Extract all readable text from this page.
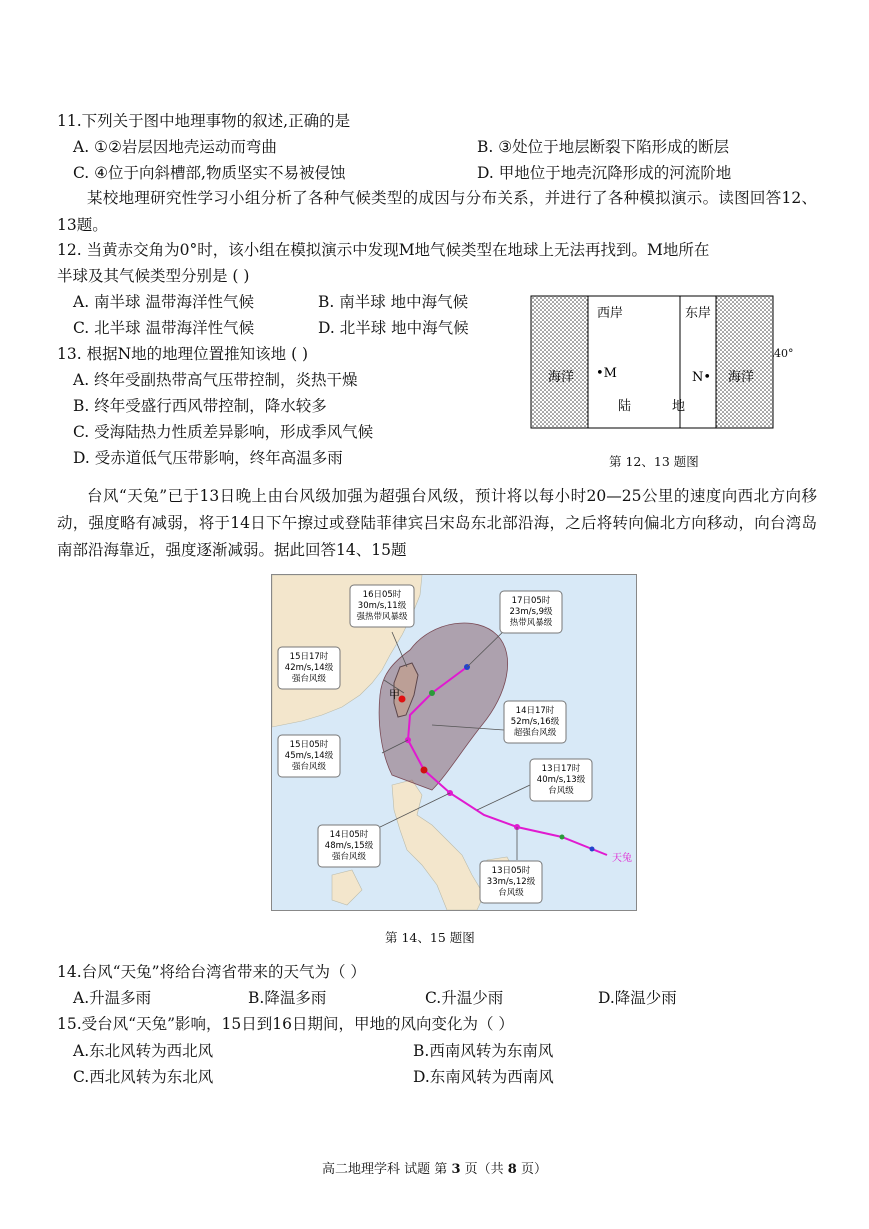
11.下列关于图中地理事物的叙述,正确的是
A. ①②岩层因地壳运动而弯曲	B. ③处位于地层断裂下陷形成的断层
C. ④位于向斜槽部,物质坚实不易被侵蚀	D. 甲地位于地壳沉降形成的河流阶地
某校地理研究性学习小组分析了各种气候类型的成因与分布关系，并进行了各种模拟演示。读图回答12、13题。
12. 当黄赤交角为0°时，该小组在模拟演示中发现M地气候类型在地球上无法再找到。M地所在
半球及其气候类型分别是 ( )
A. 南半球 温带海洋性气候	B. 南半球 地中海气候
C. 北半球 温带海洋性气候	D. 北半球 地中海气候
13. 根据N地的地理位置推知该地 ( )
A. 终年受副热带高气压带控制，炎热干燥
B. 终年受盛行西风带控制，降水较多
C. 受海陆热力性质差异影响，形成季风气候
D. 受赤道低气压带影响，终年高温多雨
西岸	东岸
海洋	海洋
•M	N•
陆	地
40°
第 12、13 题图
台风“天兔”已于13日晚上由台风级加强为超强台风级，预计将以每小时20—25公里的速度向西北方向移动，强度略有减弱，将于14日下午擦过或登陆菲律宾吕宋岛东北部沿海，之后将转向偏北方向移动，向台湾岛南部沿海靠近，强度逐渐减弱。据此回答14、15题
甲
天兔
16日05时
30m/s,11级
强热带风暴级
17日05时
23m/s,9级
热带风暴级
15日17时
42m/s,14级
强台风级
14日17时
52m/s,16级
超强台风级
15日05时
45m/s,14级
强台风级	13日17时
40m/s,13级
台风级
14日05时
48m/s,15级
强台风级
13日05时
33m/s,12级
台风级
第 14、15 题图
14.台风“天兔”将给台湾省带来的天气为（ ）
A.升温多雨	B.降温多雨	C.升温少雨	D.降温少雨
15.受台风“天兔”影响，15日到16日期间，甲地的风向变化为（ ）
A.东北风转为西北风	B.西南风转为东南风
C.西北风转为东北风	D.东南风转为西南风
高二地理学科 试题 第 3 页（共 8 页）
